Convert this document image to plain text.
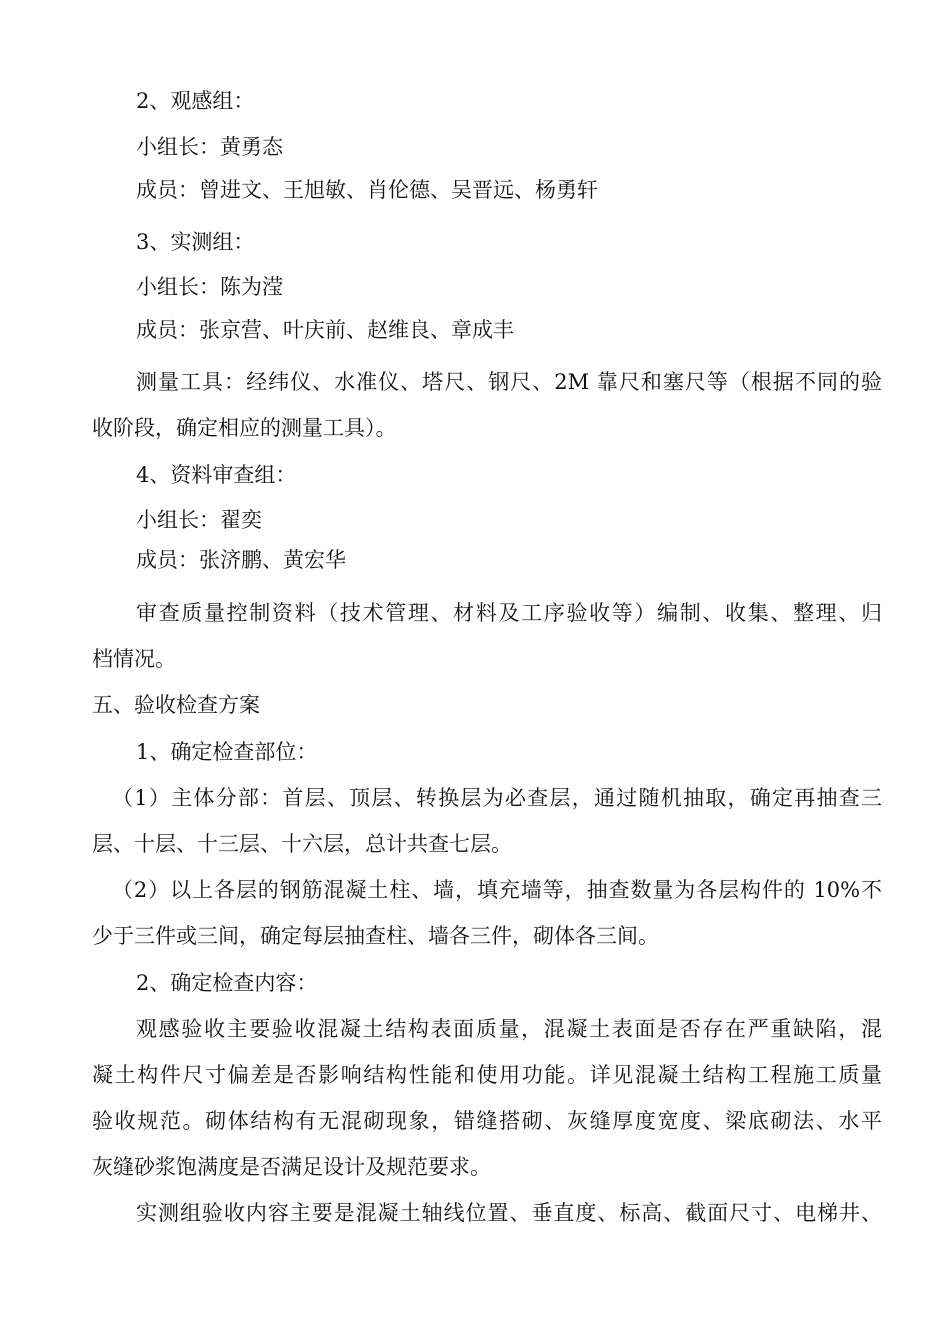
2、观感组：
小组长：黄勇态
成员：曾进文、王旭敏、肖伦德、吴晋远、杨勇轩
3、实测组：
小组长：陈为滢
成员：张京营、叶庆前、赵维良、章成丰
测量工具：经纬仪、水准仪、塔尺、钢尺、2M 靠尺和塞尺等（根据不同的验
收阶段，确定相应的测量工具）。
4、资料审查组：
小组长：翟奕
成员：张济鹏、黄宏华
审查质量控制资料（技术管理、材料及工序验收等）编制、收集、整理、归
档情况。
五、验收检查方案
1、确定检查部位：
（1）主体分部：首层、顶层、转换层为必查层，通过随机抽取，确定再抽查三
层、十层、十三层、十六层，总计共查七层。
（2）以上各层的钢筋混凝土柱、墙，填充墙等，抽查数量为各层构件的 10%不
少于三件或三间，确定每层抽查柱、墙各三件，砌体各三间。
2、确定检查内容：
观感验收主要验收混凝土结构表面质量，混凝土表面是否存在严重缺陷，混
凝土构件尺寸偏差是否影响结构性能和使用功能。详见混凝土结构工程施工质量
验收规范。砌体结构有无混砌现象，错缝搭砌、灰缝厚度宽度、梁底砌法、水平
灰缝砂浆饱满度是否满足设计及规范要求。
实测组验收内容主要是混凝土轴线位置、垂直度、标高、截面尺寸、电梯井、
